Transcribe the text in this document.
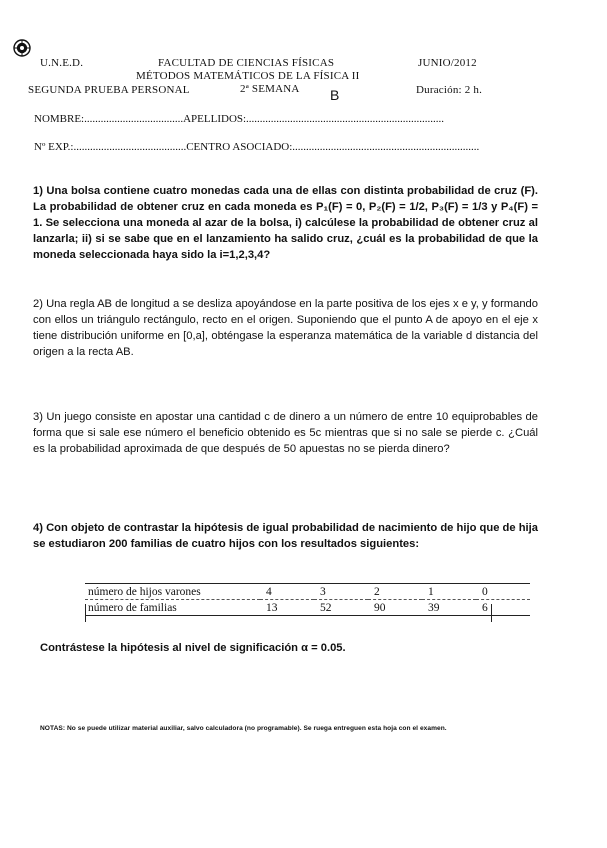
U.N.E.D.	FACULTAD DE CIENCIAS FÍSICAS	JUNIO/2012
MÉTODOS MATEMÁTICOS DE LA FÍSICA II
SEGUNDA PRUEBA PERSONAL	2ª SEMANA B	Duración: 2 h.
NOMBRE:....................................APELLIDOS:........................................................................
Nº EXP.:.........................................CENTRO ASOCIADO:....................................................................
1) Una bolsa contiene cuatro monedas cada una de ellas con distinta probabilidad de cruz (F). La probabilidad de obtener cruz en cada moneda es P₁(F) = 0, P₂(F) = 1/2, P₃(F) = 1/3 y P₄(F) = 1. Se selecciona una moneda al azar de la bolsa, i) calcúlese la probabilidad de obtener cruz al lanzarla; ii) si se sabe que en el lanzamiento ha salido cruz, ¿cuál es la probabilidad de que la moneda seleccionada haya sido la i=1,2,3,4?
2) Una regla AB de longitud a se desliza apoyándose en la parte positiva de los ejes x e y, y formando con ellos un triángulo rectángulo, recto en el origen. Suponiendo que el punto A de apoyo en el eje x tiene distribución uniforme en [0,a], obténgase la esperanza matemática de la variable d distancia del origen a la recta AB.
3) Un juego consiste en apostar una cantidad c de dinero a un número de entre 10 equiprobables de forma que si sale ese número el beneficio obtenido es 5c mientras que si no sale se pierde c. ¿Cuál es la probabilidad aproximada de que después de 50 apuestas no se pierda dinero?
4) Con objeto de contrastar la hipótesis de igual probabilidad de nacimiento de hijo que de hija se estudiaron 200 familias de cuatro hijos con los resultados siguientes:
número de hijos varones	4	3	2	1	0
número de familias	13	52	90	39	6
Contrástese la hipótesis al nivel de significación α = 0.05.
NOTAS: No se puede utilizar material auxiliar, salvo calculadora (no programable). Se ruega entreguen esta hoja con el examen.
